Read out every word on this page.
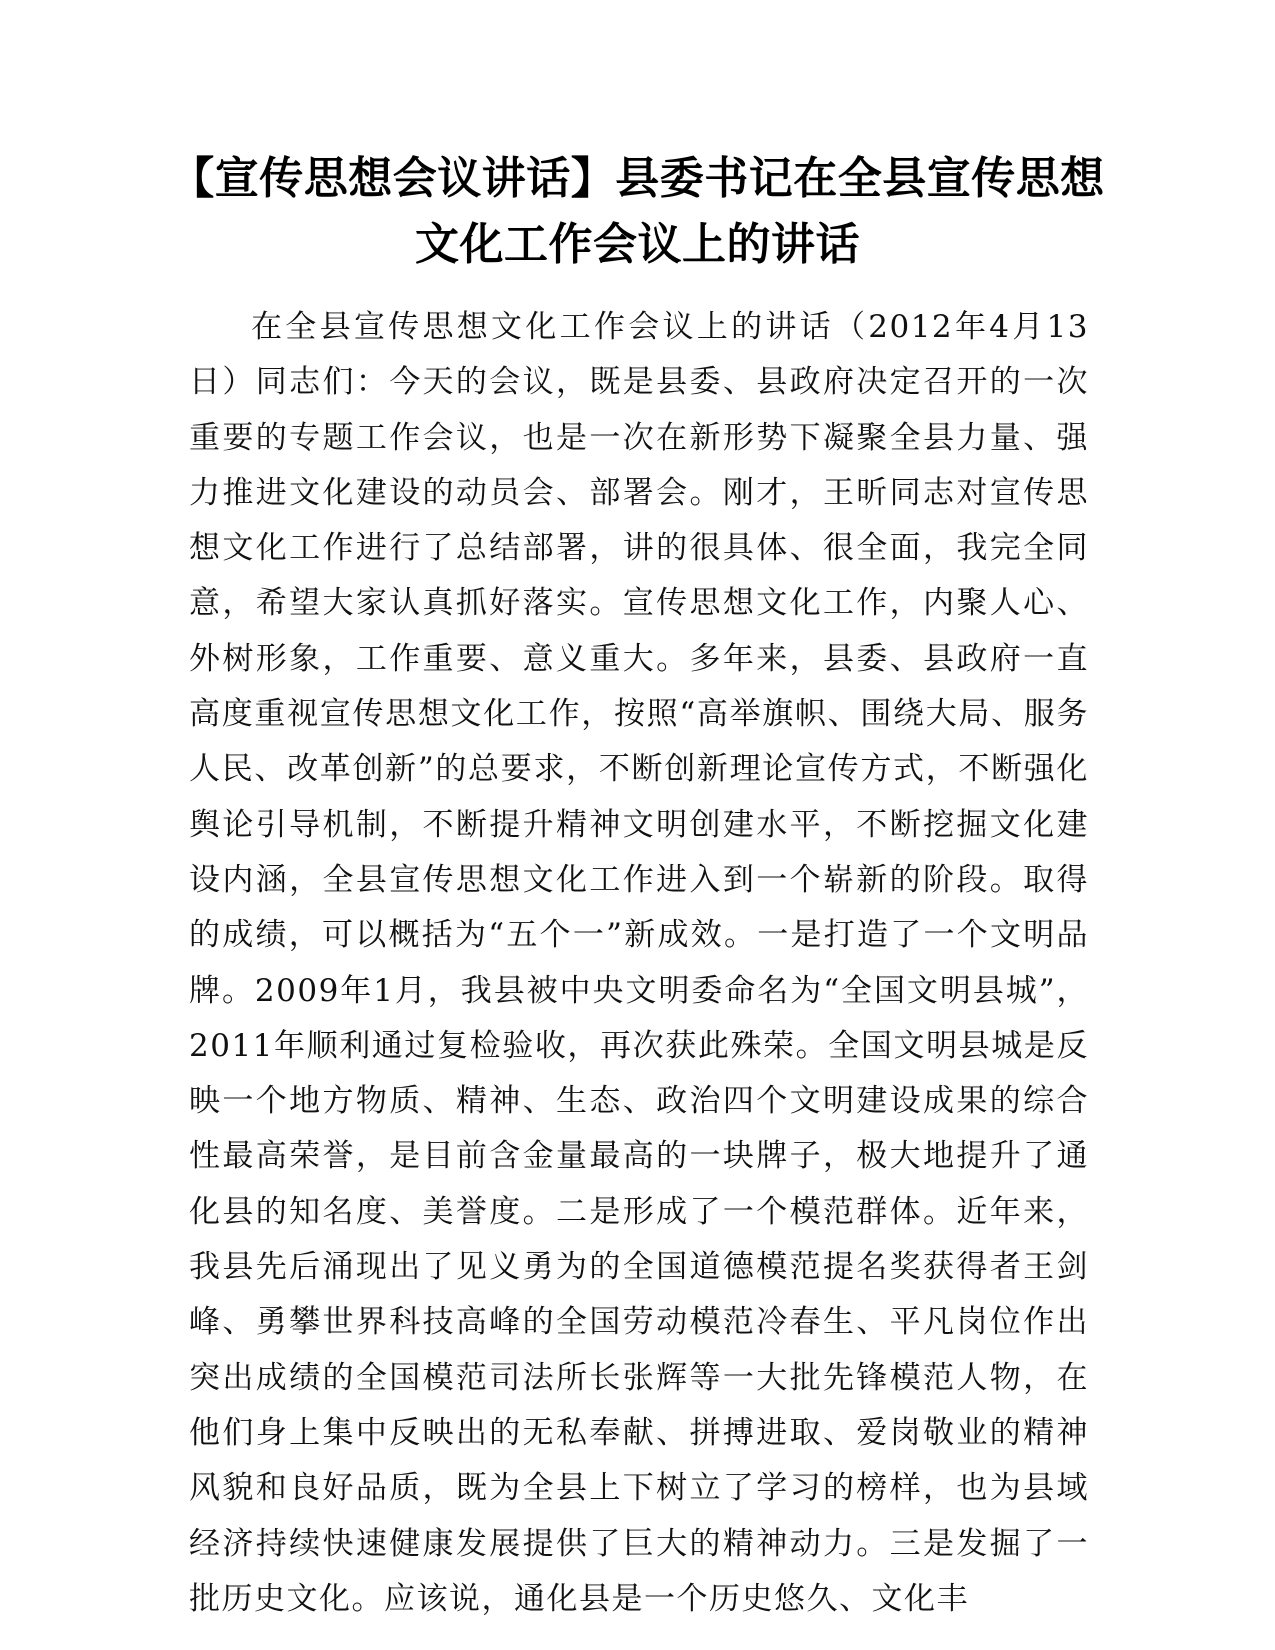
【宣传思想会议讲话】县委书记在全县宣传思想文化工作会议上的讲话

在全县宣传思想文化工作会议上的讲话（2012年4月13日）同志们：今天的会议，既是县委、县政府决定召开的一次重要的专题工作会议，也是一次在新形势下凝聚全县力量、强力推进文化建设的动员会、部署会。刚才，王昕同志对宣传思想文化工作进行了总结部署，讲的很具体、很全面，我完全同意，希望大家认真抓好落实。宣传思想文化工作，内聚人心、外树形象，工作重要、意义重大。多年来，县委、县政府一直高度重视宣传思想文化工作，按照“高举旗帜、围绕大局、服务人民、改革创新”的总要求，不断创新理论宣传方式，不断强化舆论引导机制，不断提升精神文明创建水平，不断挖掘文化建设内涵，全县宣传思想文化工作进入到一个崭新的阶段。取得的成绩，可以概括为“五个一”新成效。一是打造了一个文明品牌。2009年1月，我县被中央文明委命名为“全国文明县城”，2011年顺利通过复检验收，再次获此殊荣。全国文明县城是反映一个地方物质、精神、生态、政治四个文明建设成果的综合性最高荣誉，是目前含金量最高的一块牌子，极大地提升了通化县的知名度、美誉度。二是形成了一个模范群体。近年来，我县先后涌现出了见义勇为的全国道德模范提名奖获得者王剑峰、勇攀世界科技高峰的全国劳动模范冷春生、平凡岗位作出突出成绩的全国模范司法所长张辉等一大批先锋模范人物，在他们身上集中反映出的无私奉献、拼搏进取、爱岗敬业的精神风貌和良好品质，既为全县上下树立了学习的榜样，也为县域经济持续快速健康发展提供了巨大的精神动力。三是发掘了一批历史文化。应该说，通化县是一个历史悠久、文化丰
